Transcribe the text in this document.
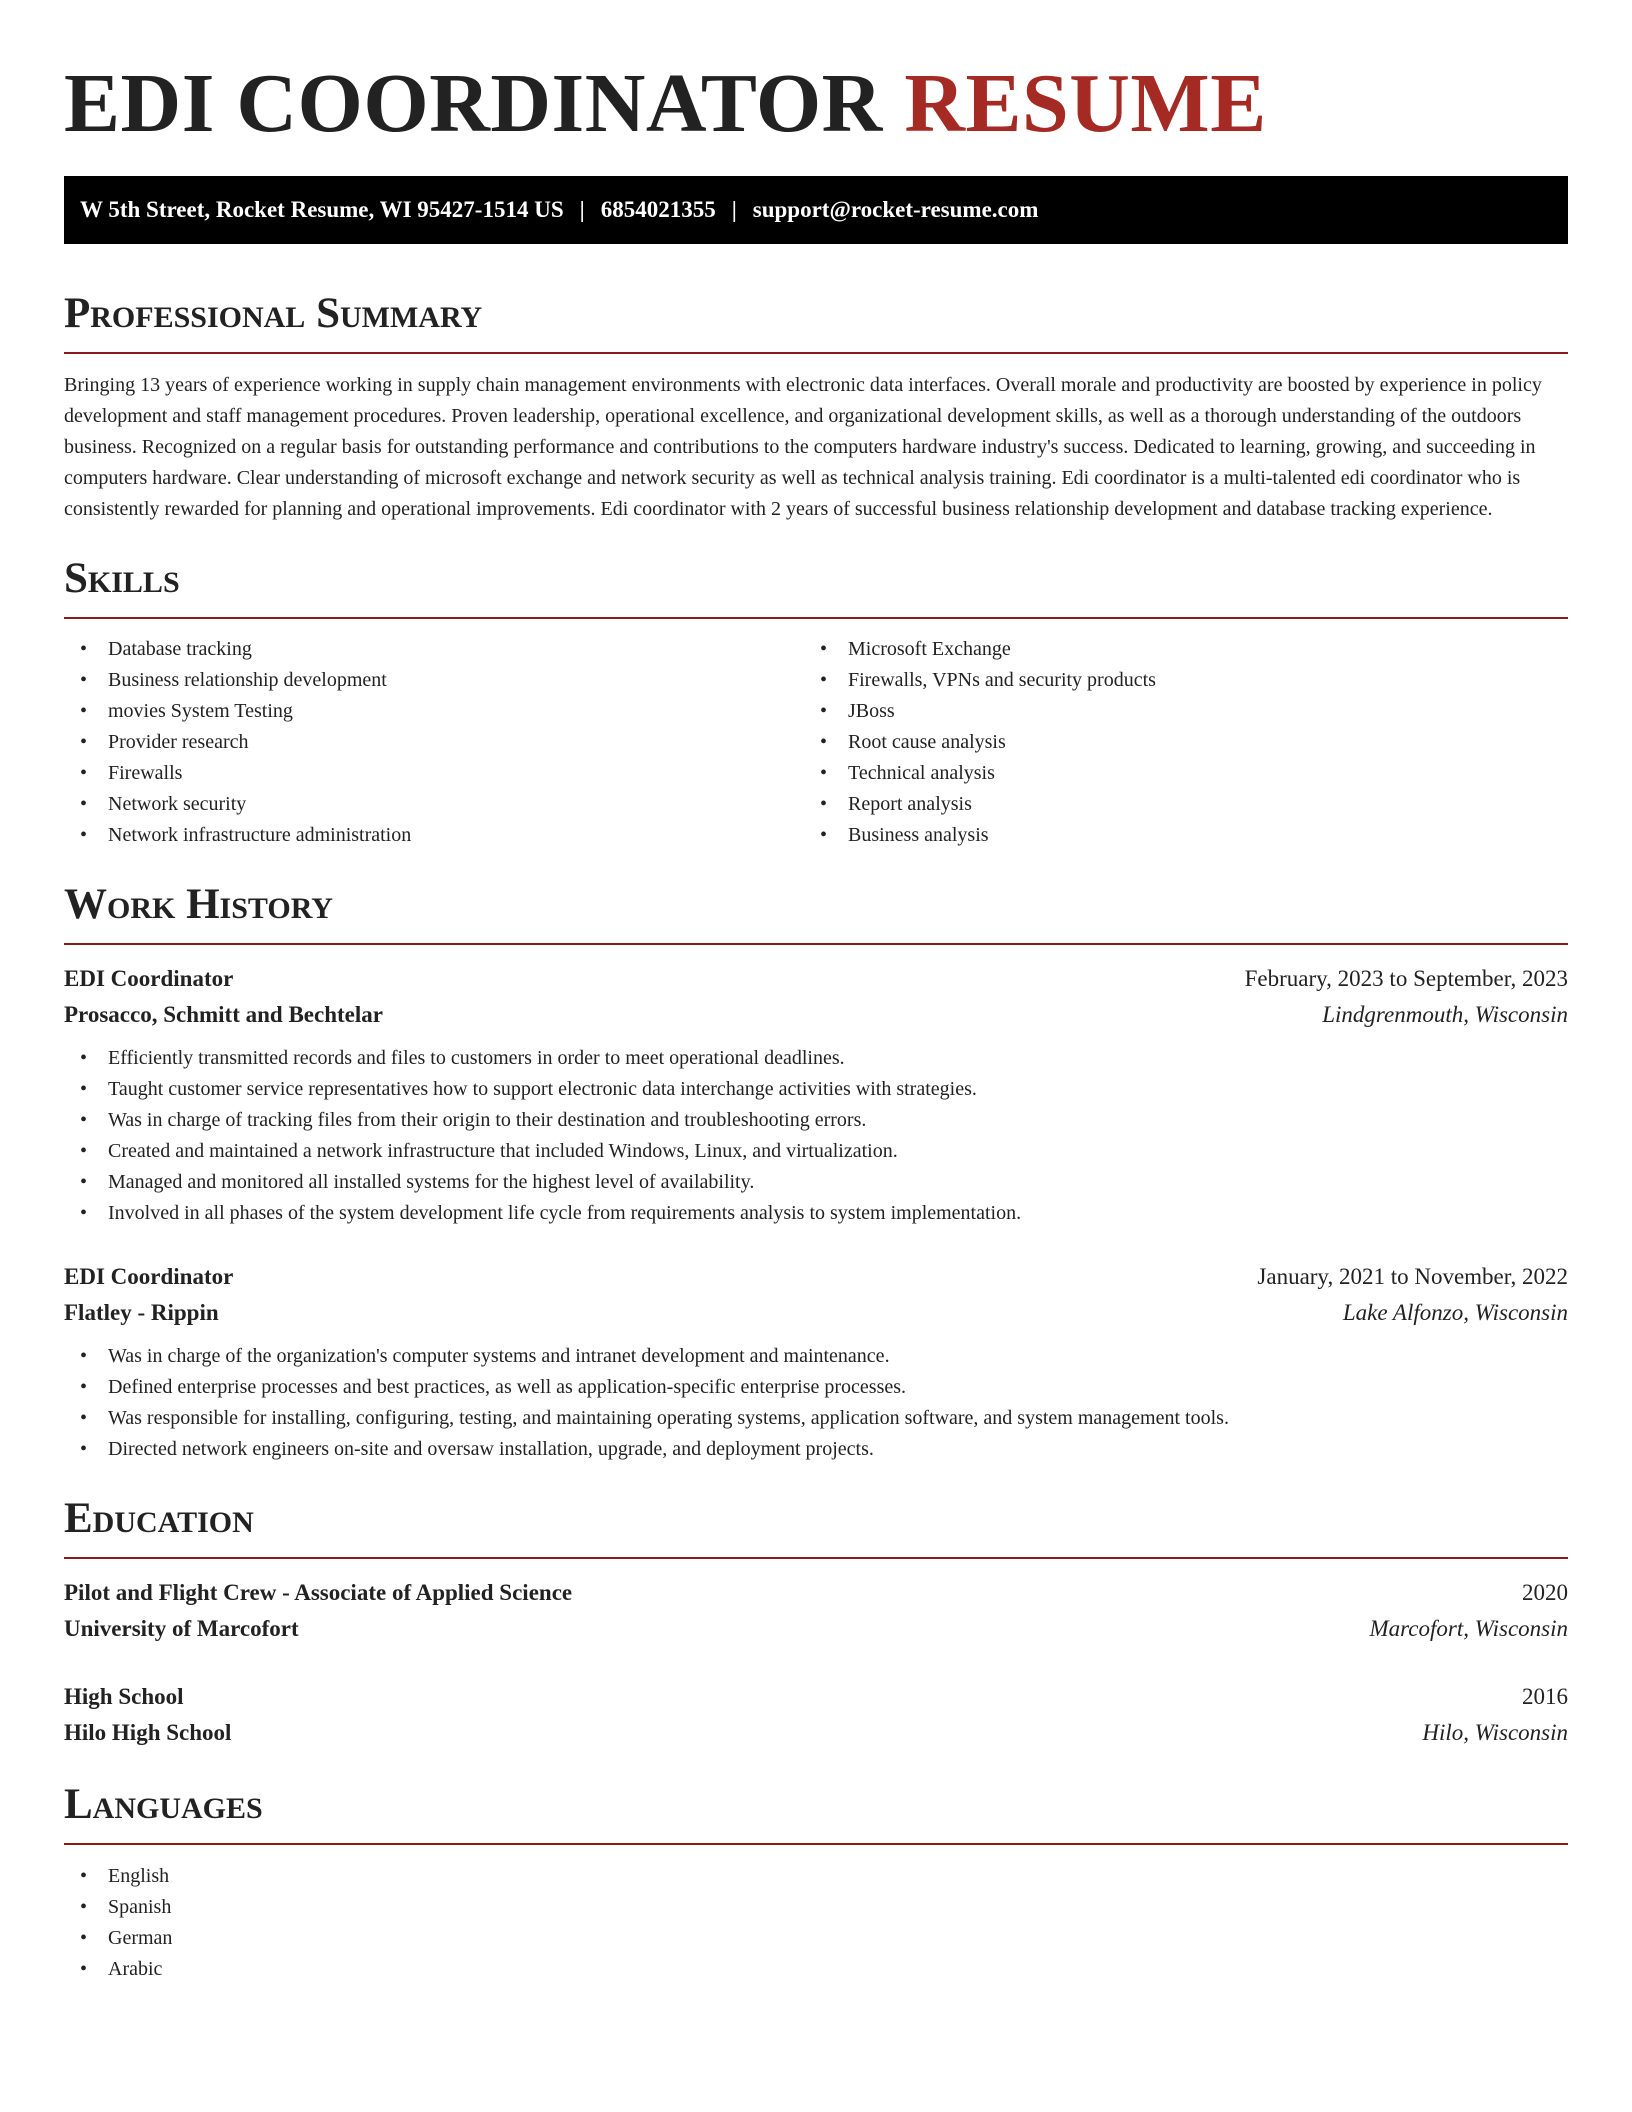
EDI COORDINATOR RESUME
W 5th Street, Rocket Resume, WI 95427-1514 US | 6854021355 | support@rocket-resume.com
Professional Summary

Bringing 13 years of experience working in supply chain management environments with electronic data interfaces. Overall morale and productivity are boosted by experience in policy development and staff management procedures. Proven leadership, operational excellence, and organizational development skills, as well as a thorough understanding of the outdoors business. Recognized on a regular basis for outstanding performance and contributions to the computers hardware industry's success. Dedicated to learning, growing, and succeeding in computers hardware. Clear understanding of microsoft exchange and network security as well as technical analysis training. Edi coordinator is a multi-talented edi coordinator who is consistently rewarded for planning and operational improvements. Edi coordinator with 2 years of successful business relationship development and database tracking experience.

Skills
• Database tracking
• Business relationship development
• movies System Testing
• Provider research
• Firewalls
• Network security
• Network infrastructure administration
• Microsoft Exchange
• Firewalls, VPNs and security products
• JBoss
• Root cause analysis
• Technical analysis
• Report analysis
• Business analysis
Work History
EDI Coordinator	February, 2023 to September, 2023
Prosacco, Schmitt and Bechtelar	Lindgrenmouth, Wisconsin
• Efficiently transmitted records and files to customers in order to meet operational deadlines.
• Taught customer service representatives how to support electronic data interchange activities with strategies.
• Was in charge of tracking files from their origin to their destination and troubleshooting errors.
• Created and maintained a network infrastructure that included Windows, Linux, and virtualization.
• Managed and monitored all installed systems for the highest level of availability.
• Involved in all phases of the system development life cycle from requirements analysis to system implementation.
EDI Coordinator	January, 2021 to November, 2022
Flatley - Rippin	Lake Alfonzo, Wisconsin
• Was in charge of the organization's computer systems and intranet development and maintenance.
• Defined enterprise processes and best practices, as well as application-specific enterprise processes.
• Was responsible for installing, configuring, testing, and maintaining operating systems, application software, and system management tools.
• Directed network engineers on-site and oversaw installation, upgrade, and deployment projects.
Education
Pilot and Flight Crew - Associate of Applied Science	2020
University of Marcofort	Marcofort, Wisconsin
High School	2016
Hilo High School	Hilo, Wisconsin
Languages
• English
• Spanish
• German
• Arabic
